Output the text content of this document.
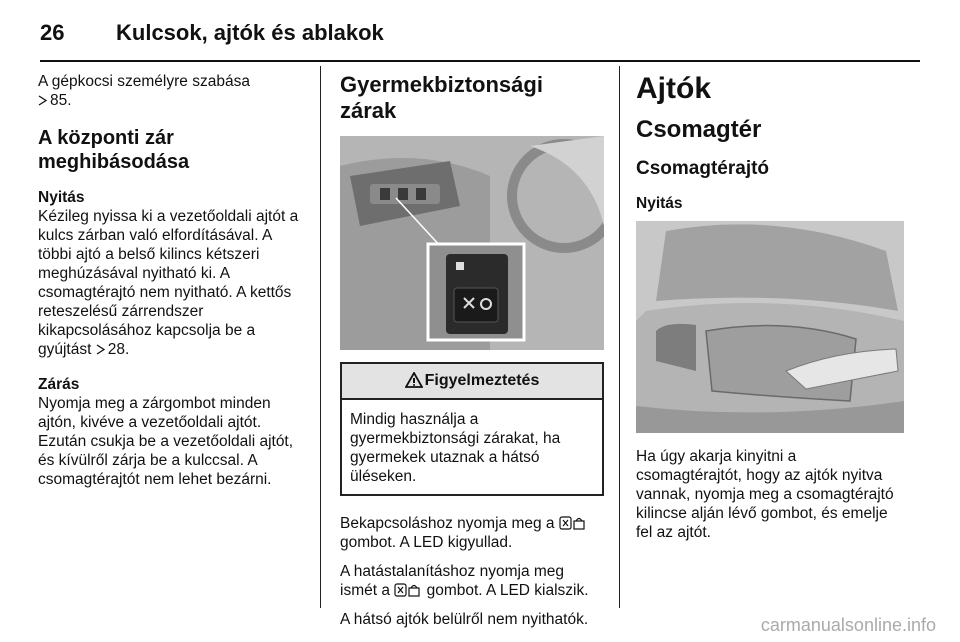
26 Kulcsok, ajtók és ablakok

A gépkocsi személyre szabása
85.

A központi zár meghibásodása
Nyitás

Kézileg nyissa ki a vezetőoldali ajtót a kulcs zárban való elfordításával. A többi ajtó a belső kilincs kétszeri meghúzásával nyitható ki. A csomagtérajtó nem nyitható. A kettős reteszelésű zárrendszer kikapcsolásához kapcsolja be a gyújtást 28.

Zárás

Nyomja meg a zárgombot minden ajtón, kivéve a vezetőoldali ajtót. Ezután csukja be a vezetőoldali ajtót, és kívülről zárja be a kulccsal. A csomagtérajtót nem lehet bezárni.

Gyermekbiztonsági zárak
Figyelmeztetés
Mindig használja a gyermekbiztonsági zárakat, ha gyermekek utaznak a hátsó üléseken.

Bekapcsoláshoz nyomja meg a  gombot. A LED kigyullad.

A hatástalanításhoz nyomja meg ismét a gombot. A LED kialszik.

A hátsó ajtók belülről nem nyithatók.

Ajtók
Csomagtér
Csomagtérajtó
Nyitás

Ha úgy akarja kinyitni a csomagtérajtót, hogy az ajtók nyitva vannak, nyomja meg a csomagtérajtó kilincse alján lévő gombot, és emelje fel az ajtót.

carmanualsonline.info
